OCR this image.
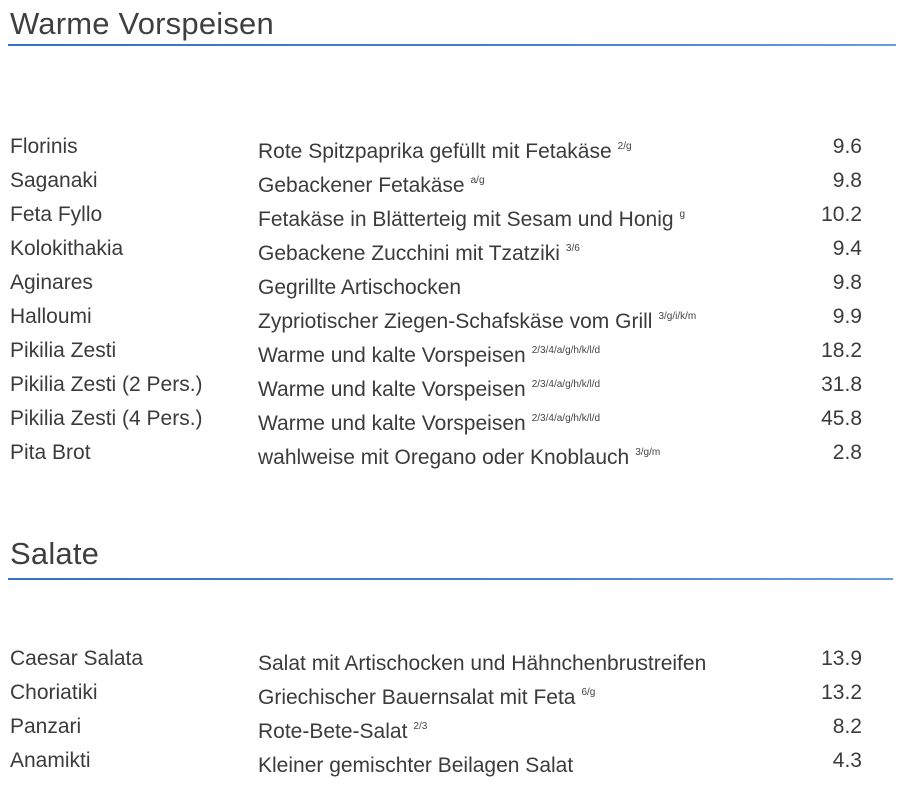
Warme Vorspeisen
Florinis	Rote Spitzpaprika gefüllt mit Fetakäse $^{2/g}$	9.6
Saganaki	Gebackener Fetakäse $^{a/g}$	9.8
Feta Fyllo	Fetakäse in Blätterteig mit Sesam und Honig $^g$	10.2
Kolokithakia	Gebackene Zucchini mit Tzatziki $^{3/6}$	9.4
Aginares	Gegrillte Artischocken	9.8
Halloumi	Zypriotischer Ziegen-Schafskäse vom Grill $^{3/g/i/k/m}$	9.9
Pikilia Zesti	Warme und kalte Vorspeisen $^{2/3/4/a/g/h/k/l/d}$	18.2
Pikilia Zesti (2 Pers.)	Warme und kalte Vorspeisen $^{2/3/4/a/g/h/k/l/d}$	31.8
Pikilia Zesti (4 Pers.)	Warme und kalte Vorspeisen $^{2/3/4/a/g/h/k/l/d}$	45.8
Pita Brot	wahlweise mit Oregano oder Knoblauch $^{3/g/m}$	2.8
Salate
Caesar Salata	Salat mit Artischocken und Hähnchenbrustreifen	13.9
Choriatiki	Griechischer Bauernsalat mit Feta $^{6/g}$	13.2
Panzari	Rote-Bete-Salat $^{2/3}$	8.2
Anamikti	Kleiner gemischter Beilagen Salat	4.3
